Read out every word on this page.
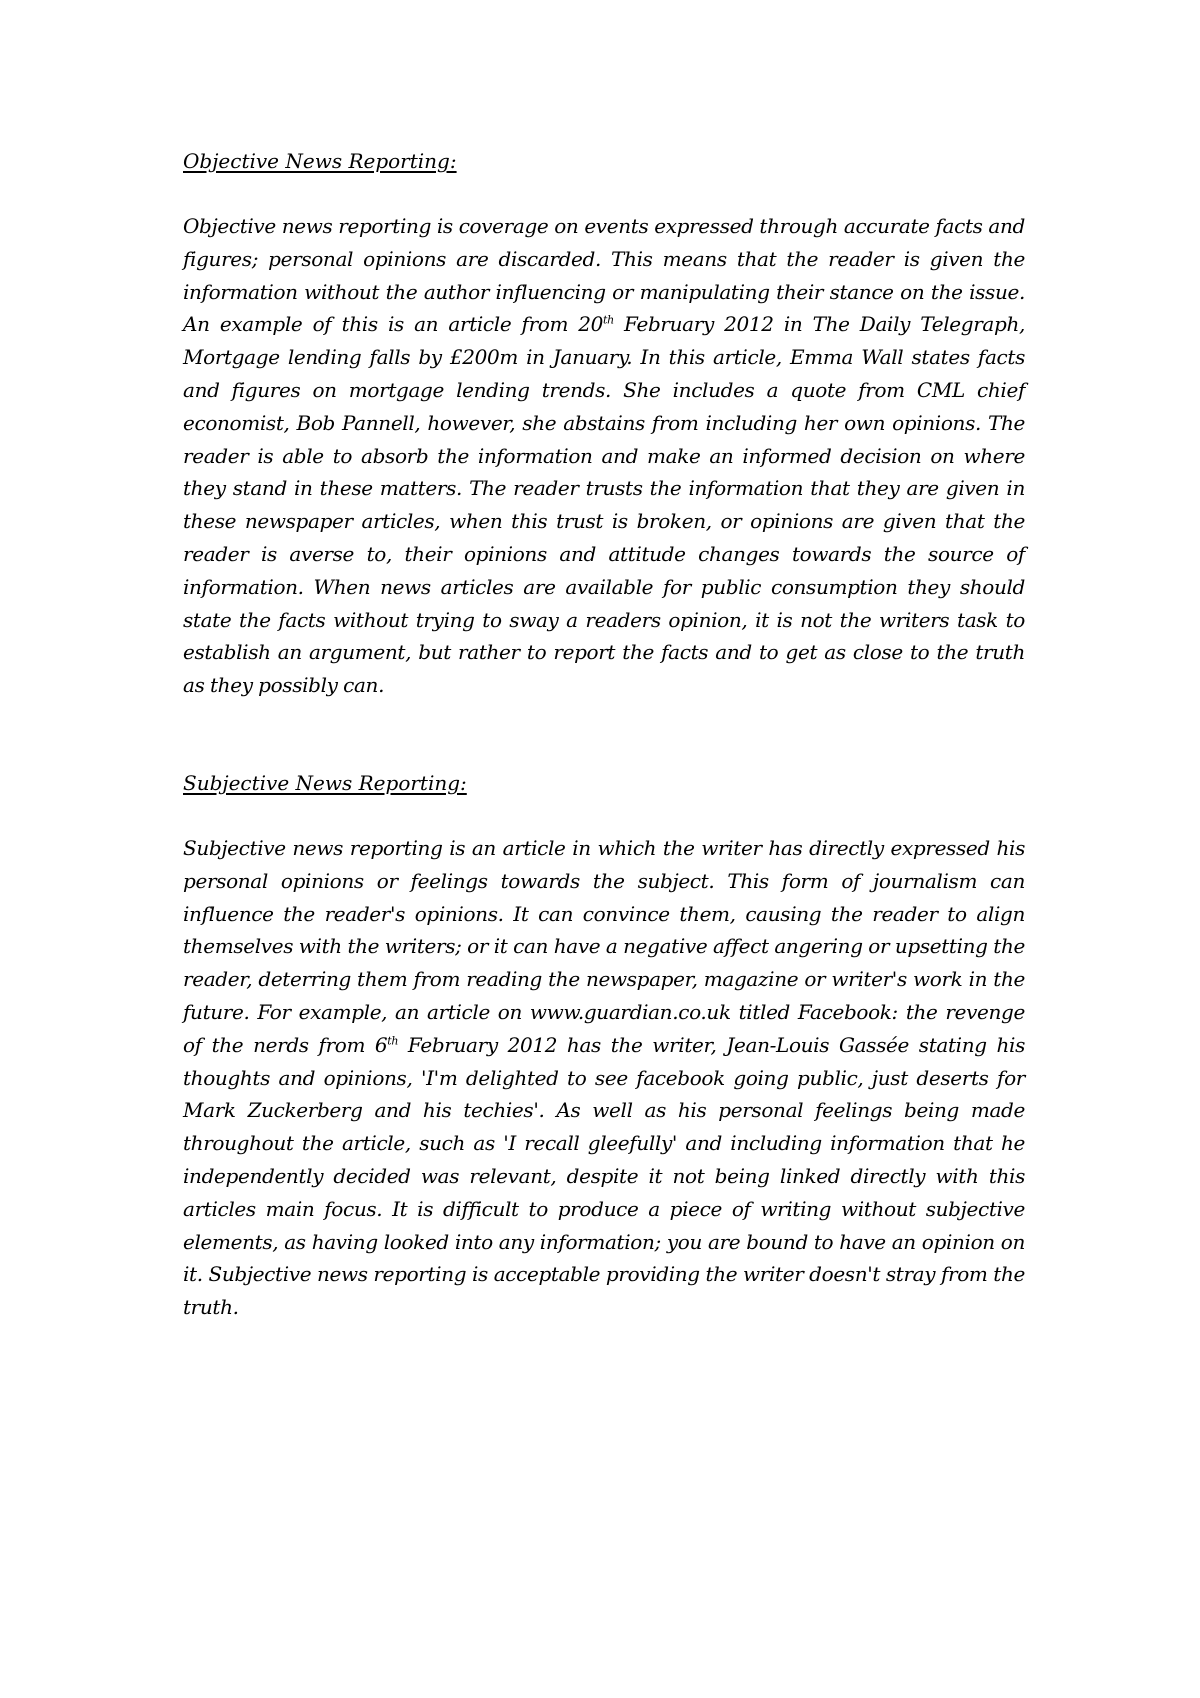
Objective News Reporting:

Objective news reporting is coverage on events expressed through accurate facts and figures; personal opinions are discarded. This means that the reader is given the information without the author influencing or manipulating their stance on the issue. An example of this is an article from 20th February 2012 in The Daily Telegraph, Mortgage lending falls by £200m in January. In this article, Emma Wall states facts and figures on mortgage lending trends. She includes a quote from CML chief economist, Bob Pannell, however, she abstains from including her own opinions. The reader is able to absorb the information and make an informed decision on where they stand in these matters. The reader trusts the information that they are given in these newspaper articles, when this trust is broken, or opinions are given that the reader is averse to, their opinions and attitude changes towards the source of information. When news articles are available for public consumption they should state the facts without trying to sway a readers opinion, it is not the writers task to establish an argument, but rather to report the facts and to get as close to the truth as they possibly can.

Subjective News Reporting:

Subjective news reporting is an article in which the writer has directly expressed his personal opinions or feelings towards the subject. This form of journalism can influence the reader's opinions. It can convince them, causing the reader to align themselves with the writers; or it can have a negative affect angering or upsetting the reader, deterring them from reading the newspaper, magazine or writer's work in the future. For example, an article on www.guardian.co.uk titled Facebook: the revenge of the nerds from 6th February 2012 has the writer, Jean-Louis Gassée stating his thoughts and opinions, 'I'm delighted to see facebook going public, just deserts for Mark Zuckerberg and his techies'. As well as his personal feelings being made throughout the article, such as 'I recall gleefully' and including information that he independently decided was relevant, despite it not being linked directly with this articles main focus. It is difficult to produce a piece of writing without subjective elements, as having looked into any information; you are bound to have an opinion on it. Subjective news reporting is acceptable providing the writer doesn't stray from the truth.
